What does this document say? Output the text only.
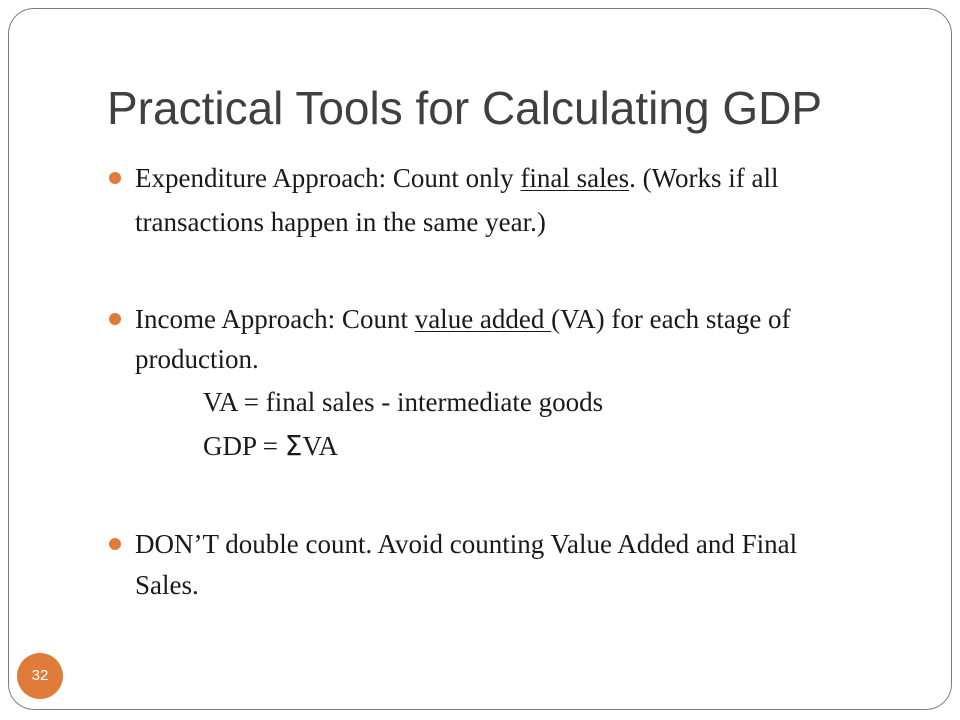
Practical Tools for Calculating GDP
Expenditure Approach: Count only final sales. (Works if all
transactions happen in the same year.)
Income Approach: Count value added (VA) for each stage of
production.
VA = final sales - intermediate goods
GDP = ΣVA
DON’T double count. Avoid counting Value Added and Final
Sales.
32
